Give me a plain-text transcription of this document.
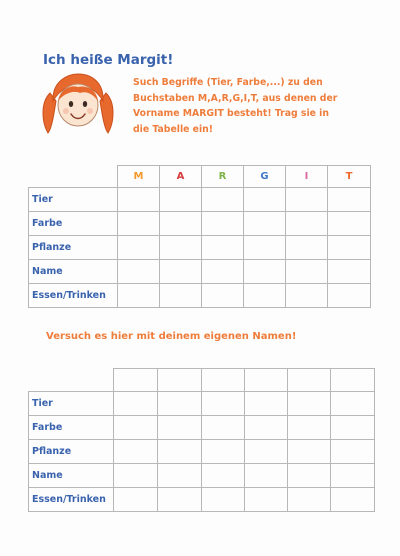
Ich heiße Margit!
Such Begriffe (Tier, Farbe,...) zu den Buchstaben M,A,R,G,I,T, aus denen der Vorname MARGIT besteht! Trag sie in die Tabelle ein!
	M	A	R	G	I	T
Tier						
Farbe						
Pflanze						
Name						
Essen/Trinken						
Versuch es hier mit deinem eigenen Namen!

Tier						
Farbe						
Pflanze						
Name						
Essen/Trinken						
